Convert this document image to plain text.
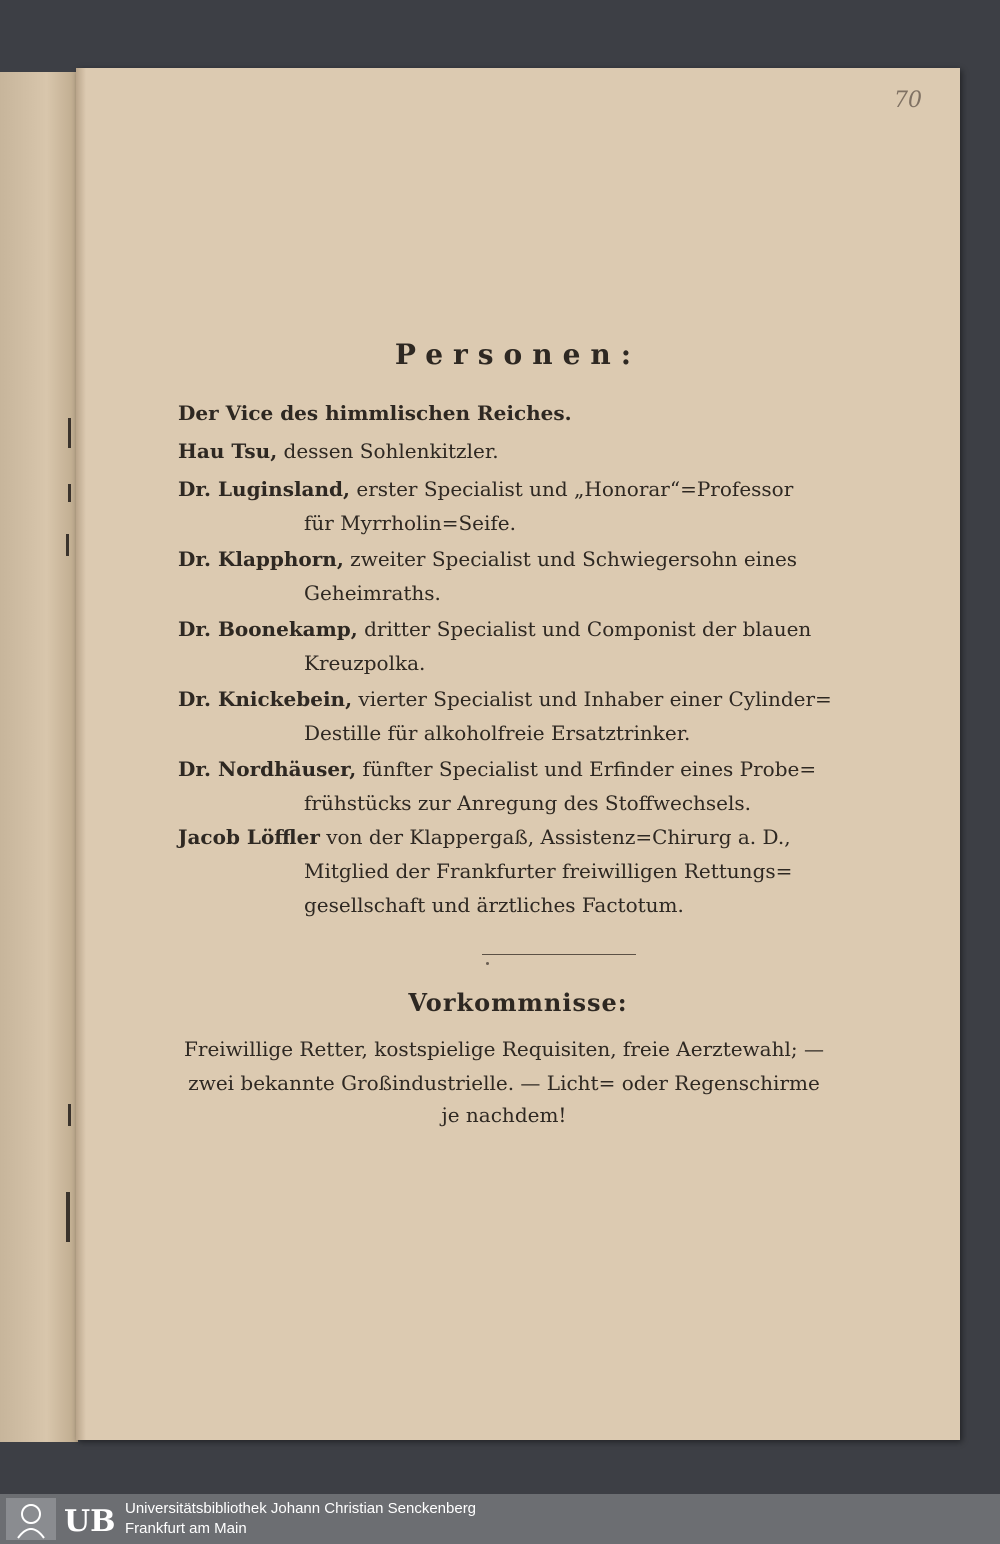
70
Personen:
Der Vice des himmlischen Reiches.
Hau Tsu, dessen Sohlenkitzler.
Dr. Luginsland, erster Specialist und „Honorar“=Professor
für Myrrholin=Seife.
Dr. Klapphorn, zweiter Specialist und Schwiegersohn eines
Geheimraths.
Dr. Boonekamp, dritter Specialist und Componist der blauen
Kreuzpolka.
Dr. Knickebein, vierter Specialist und Inhaber einer Cylinder=
Destille für alkoholfreie Ersatztrinker.
Dr. Nordhäuser, fünfter Specialist und Erfinder eines Probe=
frühstücks zur Anregung des Stoffwechsels.
Jacob Löffler von der Klappergaß, Assistenz=Chirurg a. D.,
Mitglied der Frankfurter freiwilligen Rettungs=
gesellschaft und ärztliches Factotum.
Vorkommnisse:
Freiwillige Retter, kostspielige Requisiten, freie Aerztewahl; —
zwei bekannte Großindustrielle. — Licht= oder Regenschirme
je nachdem!
UB Universitätsbibliothek Johann Christian Senckenberg
Frankfurt am Main
